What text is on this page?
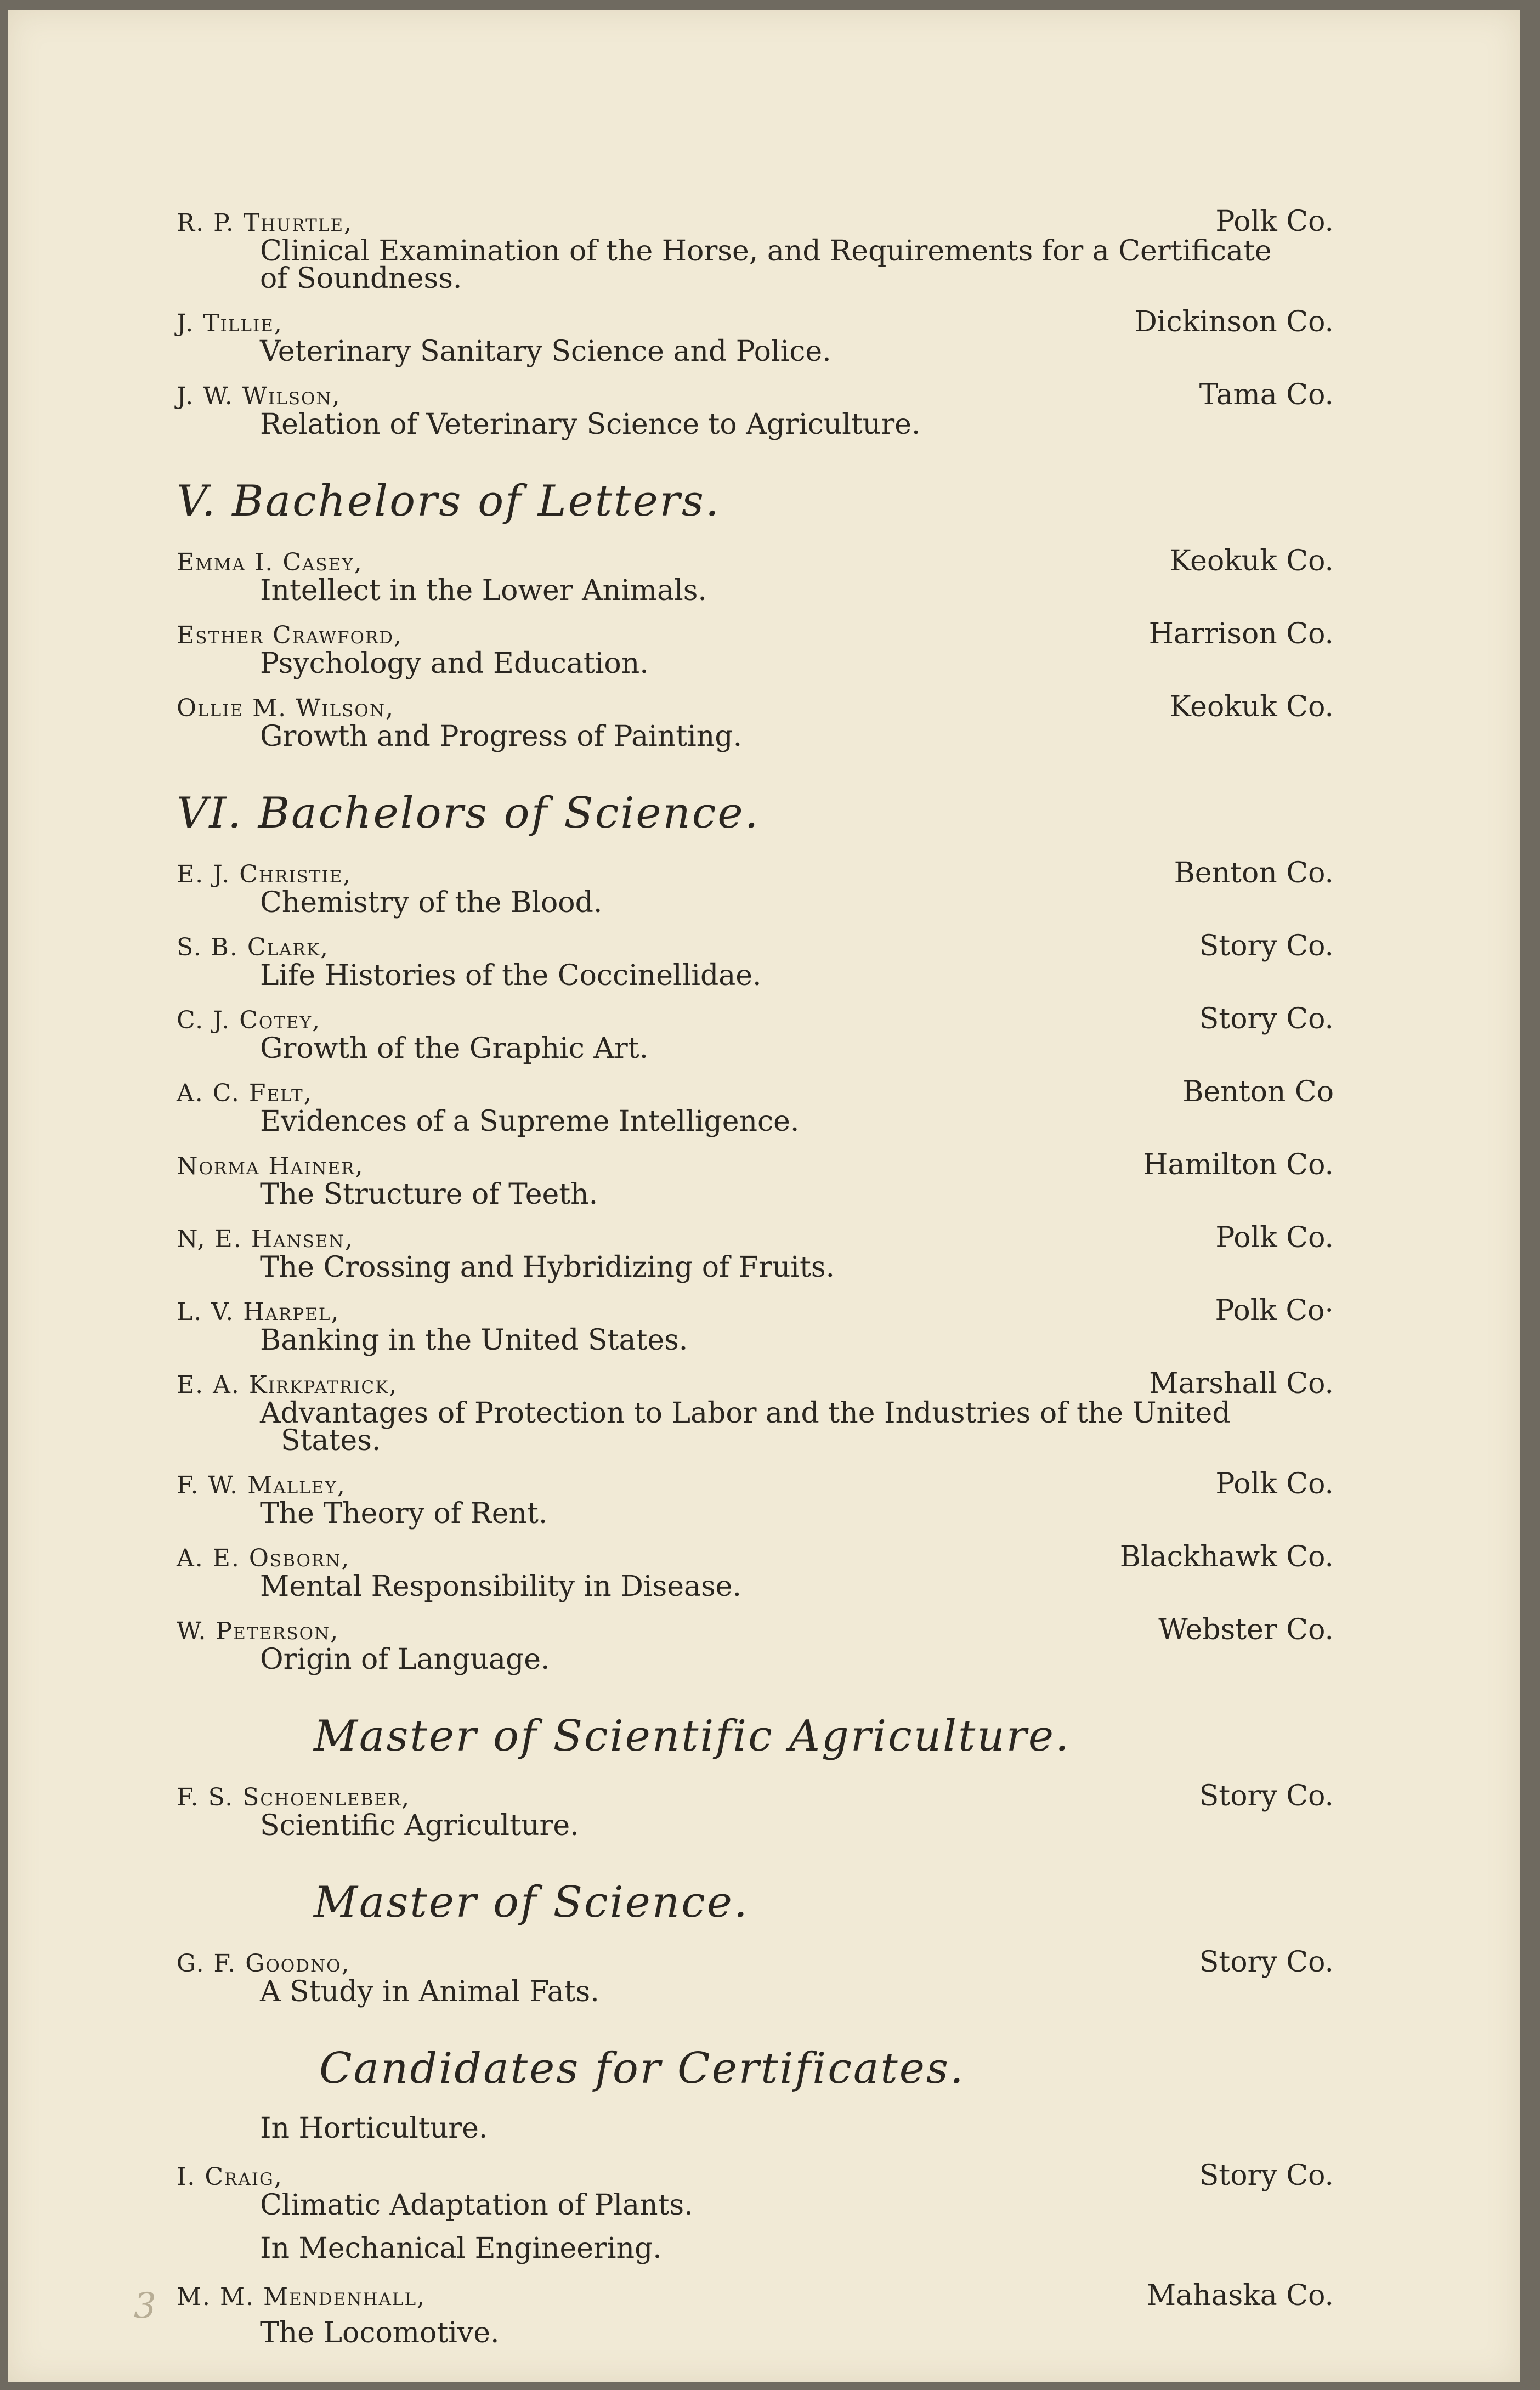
R. P. Thurtle,	Polk Co.
Clinical Examination of the Horse, and Requirements for a Certificate
of Soundness.
J. Tillie,	Dickinson Co.
Veterinary Sanitary Science and Police.
J. W. Wilson,	Tama Co.
Relation of Veterinary Science to Agriculture.
V. Bachelors of Letters.
Emma I. Casey,	Keokuk Co.
Intellect in the Lower Animals.
Esther Crawford,	Harrison Co.
Psychology and Education.
Ollie M. Wilson,	Keokuk Co.
Growth and Progress of Painting.
VI. Bachelors of Science.
E. J. Christie,	Benton Co.
Chemistry of the Blood.
S. B. Clark,	Story Co.
Life Histories of the Coccinellidae.
C. J. Cotey,	Story Co.
Growth of the Graphic Art.
A. C. Felt,	Benton Co
Evidences of a Supreme Intelligence.
Norma Hainer,	Hamilton Co.
The Structure of Teeth.
N, E. Hansen,	Polk Co.
The Crossing and Hybridizing of Fruits.
L. V. Harpel,	Polk Co·
Banking in the United States.
E. A. Kirkpatrick,	Marshall Co.
Advantages of Protection to Labor and the Industries of the United
States.
F. W. Malley,	Polk Co.
The Theory of Rent.
A. E. Osborn,	Blackhawk Co.
Mental Responsibility in Disease.
W. Peterson,	Webster Co.
Origin of Language.
Master of Scientific Agriculture.
F. S. Schoenleber,	Story Co.
Scientific Agriculture.
Master of Science.
G. F. Goodno,	Story Co.
A Study in Animal Fats.
Candidates for Certificates.
In Horticulture.
I. Craig,	Story Co.
Climatic Adaptation of Plants.
In Mechanical Engineering.
M. M. Mendenhall,	Mahaska Co.
The Locomotive.
3
